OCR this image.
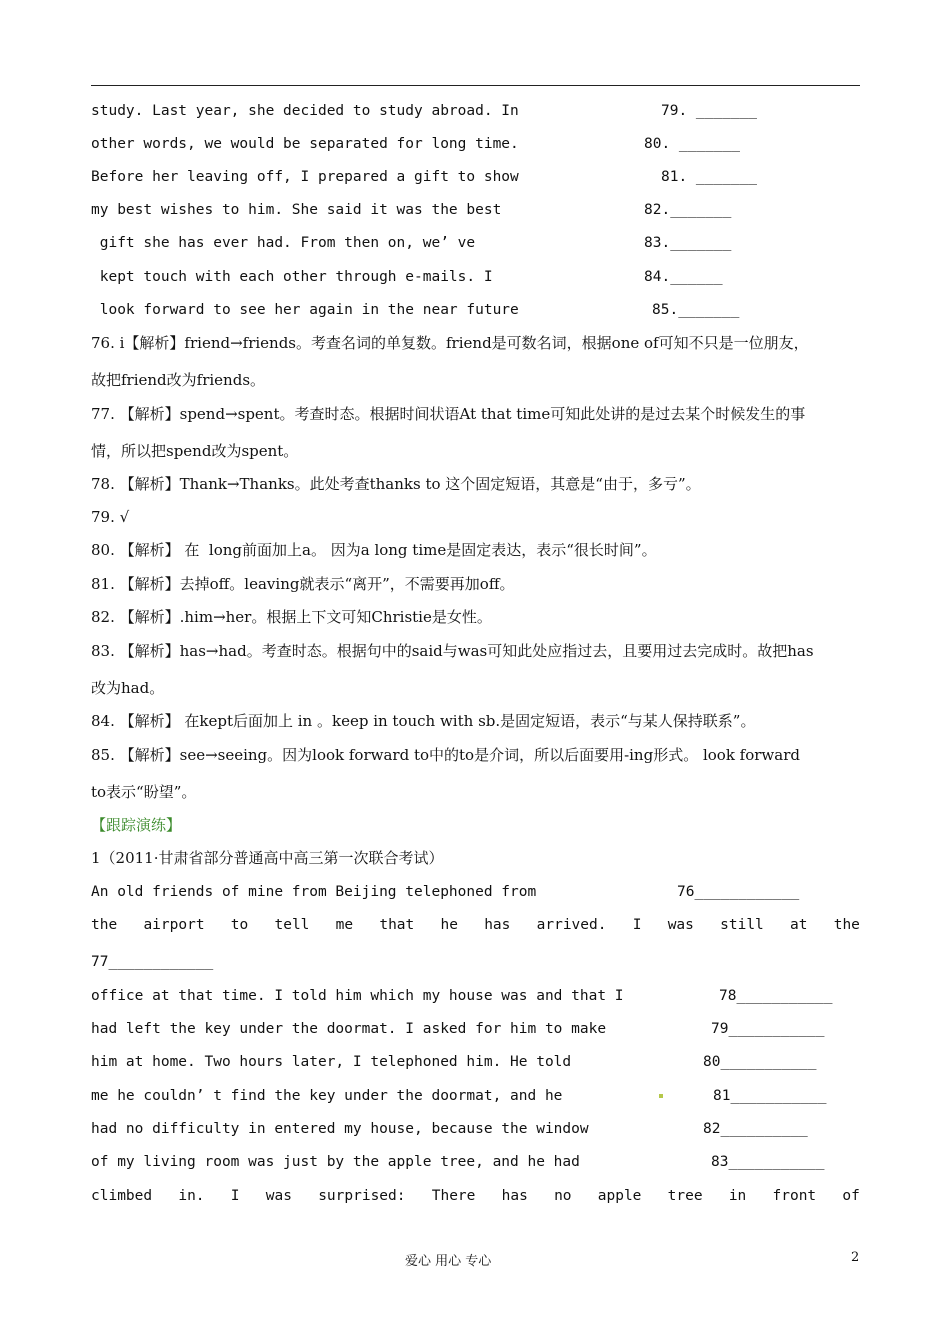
study. Last year, she decided to study abroad. In	79. _______
other words, we would be separated for long time.	80. _______
Before her leaving off, I prepared a gift to show	81. _______
my best wishes to him. She said it was the best	82._______
gift she has ever had. From then on, we’ ve	83._______
kept touch with each other through e-mails. I	84.______
look forward to see her again in the near future	85._______
76. i【解析】friend→friends。考查名词的单复数。friend是可数名词，根据one of可知不只是一位朋友，
故把friend改为friends。
77. 【解析】spend→spent。考查时态。根据时间状语At that time可知此处讲的是过去某个时候发生的事
情，所以把spend改为spent。
78. 【解析】Thank→Thanks。此处考查thanks to 这个固定短语，其意是“由于，多亏”。
79. √
80. 【解析】 在  long前面加上a。 因为a long time是固定表达，表示“很长时间”。
81. 【解析】去掉off。leaving就表示“离开”，不需要再加off。
82. 【解析】.him→her。根据上下文可知Christie是女性。
83. 【解析】has→had。考查时态。根据句中的said与was可知此处应指过去，且要用过去完成时。故把has
改为had。
84. 【解析】 在kept后面加上 in 。keep in touch with sb.是固定短语，表示“与某人保持联系”。
85. 【解析】see→seeing。因为look forward to中的to是介词，所以后面要用-ing形式。 look forward
to表示“盼望”。
【跟踪演练】
1（2011·甘肃省部分普通高中高三第一次联合考试）
An old friends of mine from Beijing telephoned from	76____________
the airport to tell me that he has arrived. I was still at the
77____________
office at that time. I told him which my house was and that I	78___________
had left the key under the doormat. I asked for him to make	79___________
him at home. Two hours later, I telephoned him. He told	80___________
me he couldn’ t find the key under the doormat, and he	81___________
had no difficulty in entered my house, because the window	82__________
of my living room was just by the apple tree, and he had	83___________
climbed in. I was surprised: There has no apple tree in front of
爱心 用心 专心	2
